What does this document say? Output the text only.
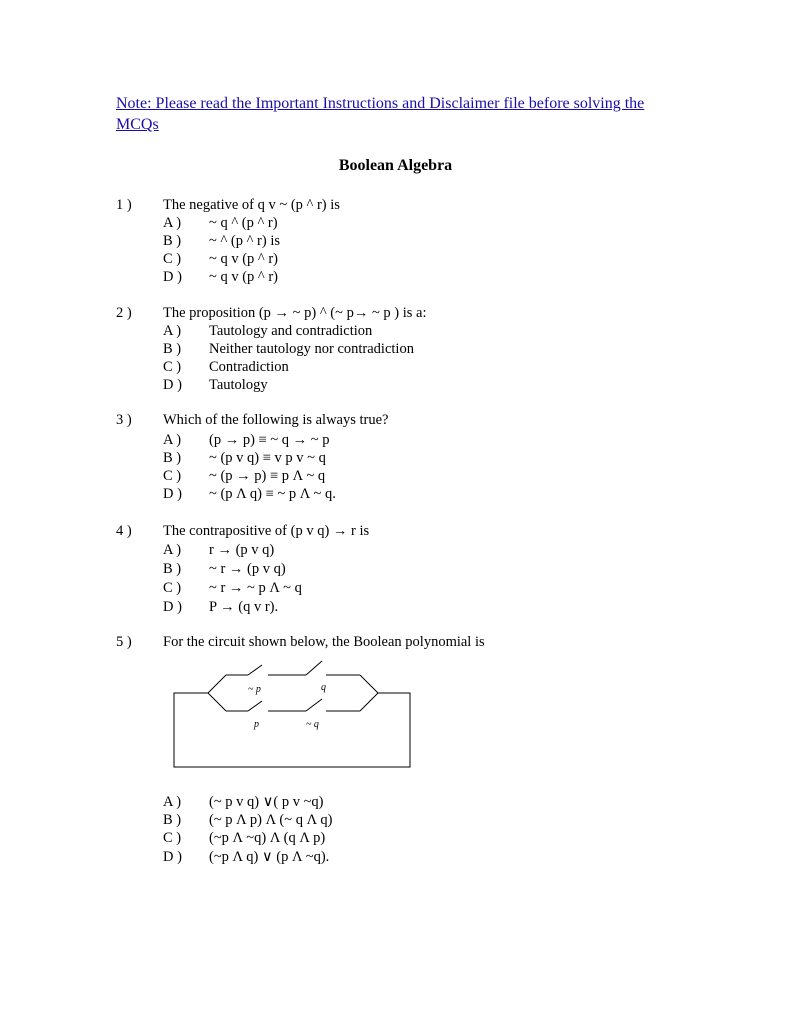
Note: Please read the Important Instructions and Disclaimer file before solving the MCQs
Boolean Algebra
1 ) The negative of q v ~ (p ^ r) is
A ) ~ q ^ (p ^ r)
B ) ~ ^ (p ^ r) is
C ) ~ q v (p ^ r)
D ) ~ q v (p ^ r)
2 ) The proposition (p → ~ p) ^ (~ p→ ~ p ) is a:
A ) Tautology and contradiction
B ) Neither tautology nor contradiction
C ) Contradiction
D ) Tautology
3 ) Which of the following is always true?
A ) (p → p) ≡ ~ q → ~ p
B ) ~ (p v q) ≡ v p v ~ q
C ) ~ (p → p) ≡ p Λ ~ q
D ) ~ (p Λ q) ≡ ~ p Λ ~ q.
4 ) The contrapositive of (p v q) → r is
A ) r → (p v q)
B ) ~ r → (p v q)
C ) ~ r → ~ p Λ ~ q
D ) P → (q v r).
5 ) For the circuit shown below, the Boolean polynomial is
~ p	q
p	~ q
A ) (~ p v q) ∨( p v ~q)
B ) (~ p Λ p) Λ (~ q Λ q)
C ) (~p Λ ~q) Λ (q Λ p)
D ) (~p Λ q) ∨ (p Λ ~q).
